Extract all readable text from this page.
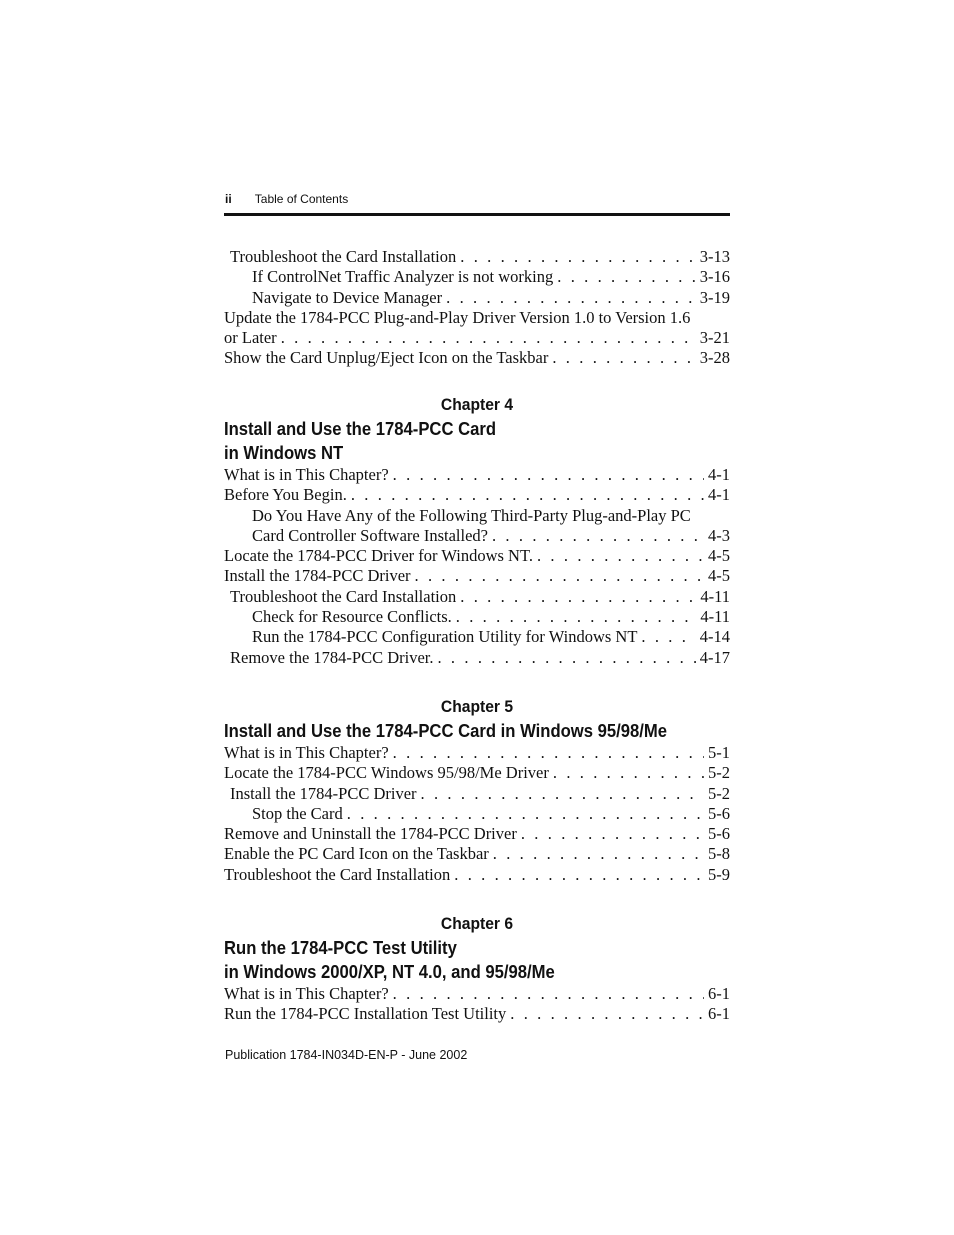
ii Table of Contents
Troubleshoot the Card Installation . . .	3-13
If ControlNet Traffic Analyzer is not working . . .	3-16
Navigate to Device Manager . . .	3-19
Update the 1784-PCC Plug-and-Play Driver Version 1.0 to Version 1.6
or Later . . .	3-21
Show the Card Unplug/Eject Icon on the Taskbar . . .	3-28
Chapter 4
Install and Use the 1784-PCC Card
in Windows NT
What is in This Chapter? . . .	4-1
Before You Begin. . . .	4-1
Do You Have Any of the Following Third-Party Plug-and-Play PC
Card Controller Software Installed? . . .	4-3
Locate the 1784-PCC Driver for Windows NT. . . .	4-5
Install the 1784-PCC Driver . . .	4-5
Troubleshoot the Card Installation . . .	4-11
Check for Resource Conflicts. . . .	4-11
Run the 1784-PCC Configuration Utility for Windows NT . . .	4-14
Remove the 1784-PCC Driver. . . .	4-17
Chapter 5
Install and Use the 1784-PCC Card in Windows 95/98/Me
What is in This Chapter? . . .	5-1
Locate the 1784-PCC Windows 95/98/Me Driver . . .	5-2
Install the 1784-PCC Driver . . .	5-2
Stop the Card . . .	5-6
Remove and Uninstall the 1784-PCC Driver . . .	5-6
Enable the PC Card Icon on the Taskbar . . .	5-8
Troubleshoot the Card Installation . . .	5-9
Chapter 6
Run the 1784-PCC Test Utility
in Windows 2000/XP, NT 4.0, and 95/98/Me
What is in This Chapter? . . .	6-1
Run the 1784-PCC Installation Test Utility . . .	6-1
Publication 1784-IN034D-EN-P - June 2002
